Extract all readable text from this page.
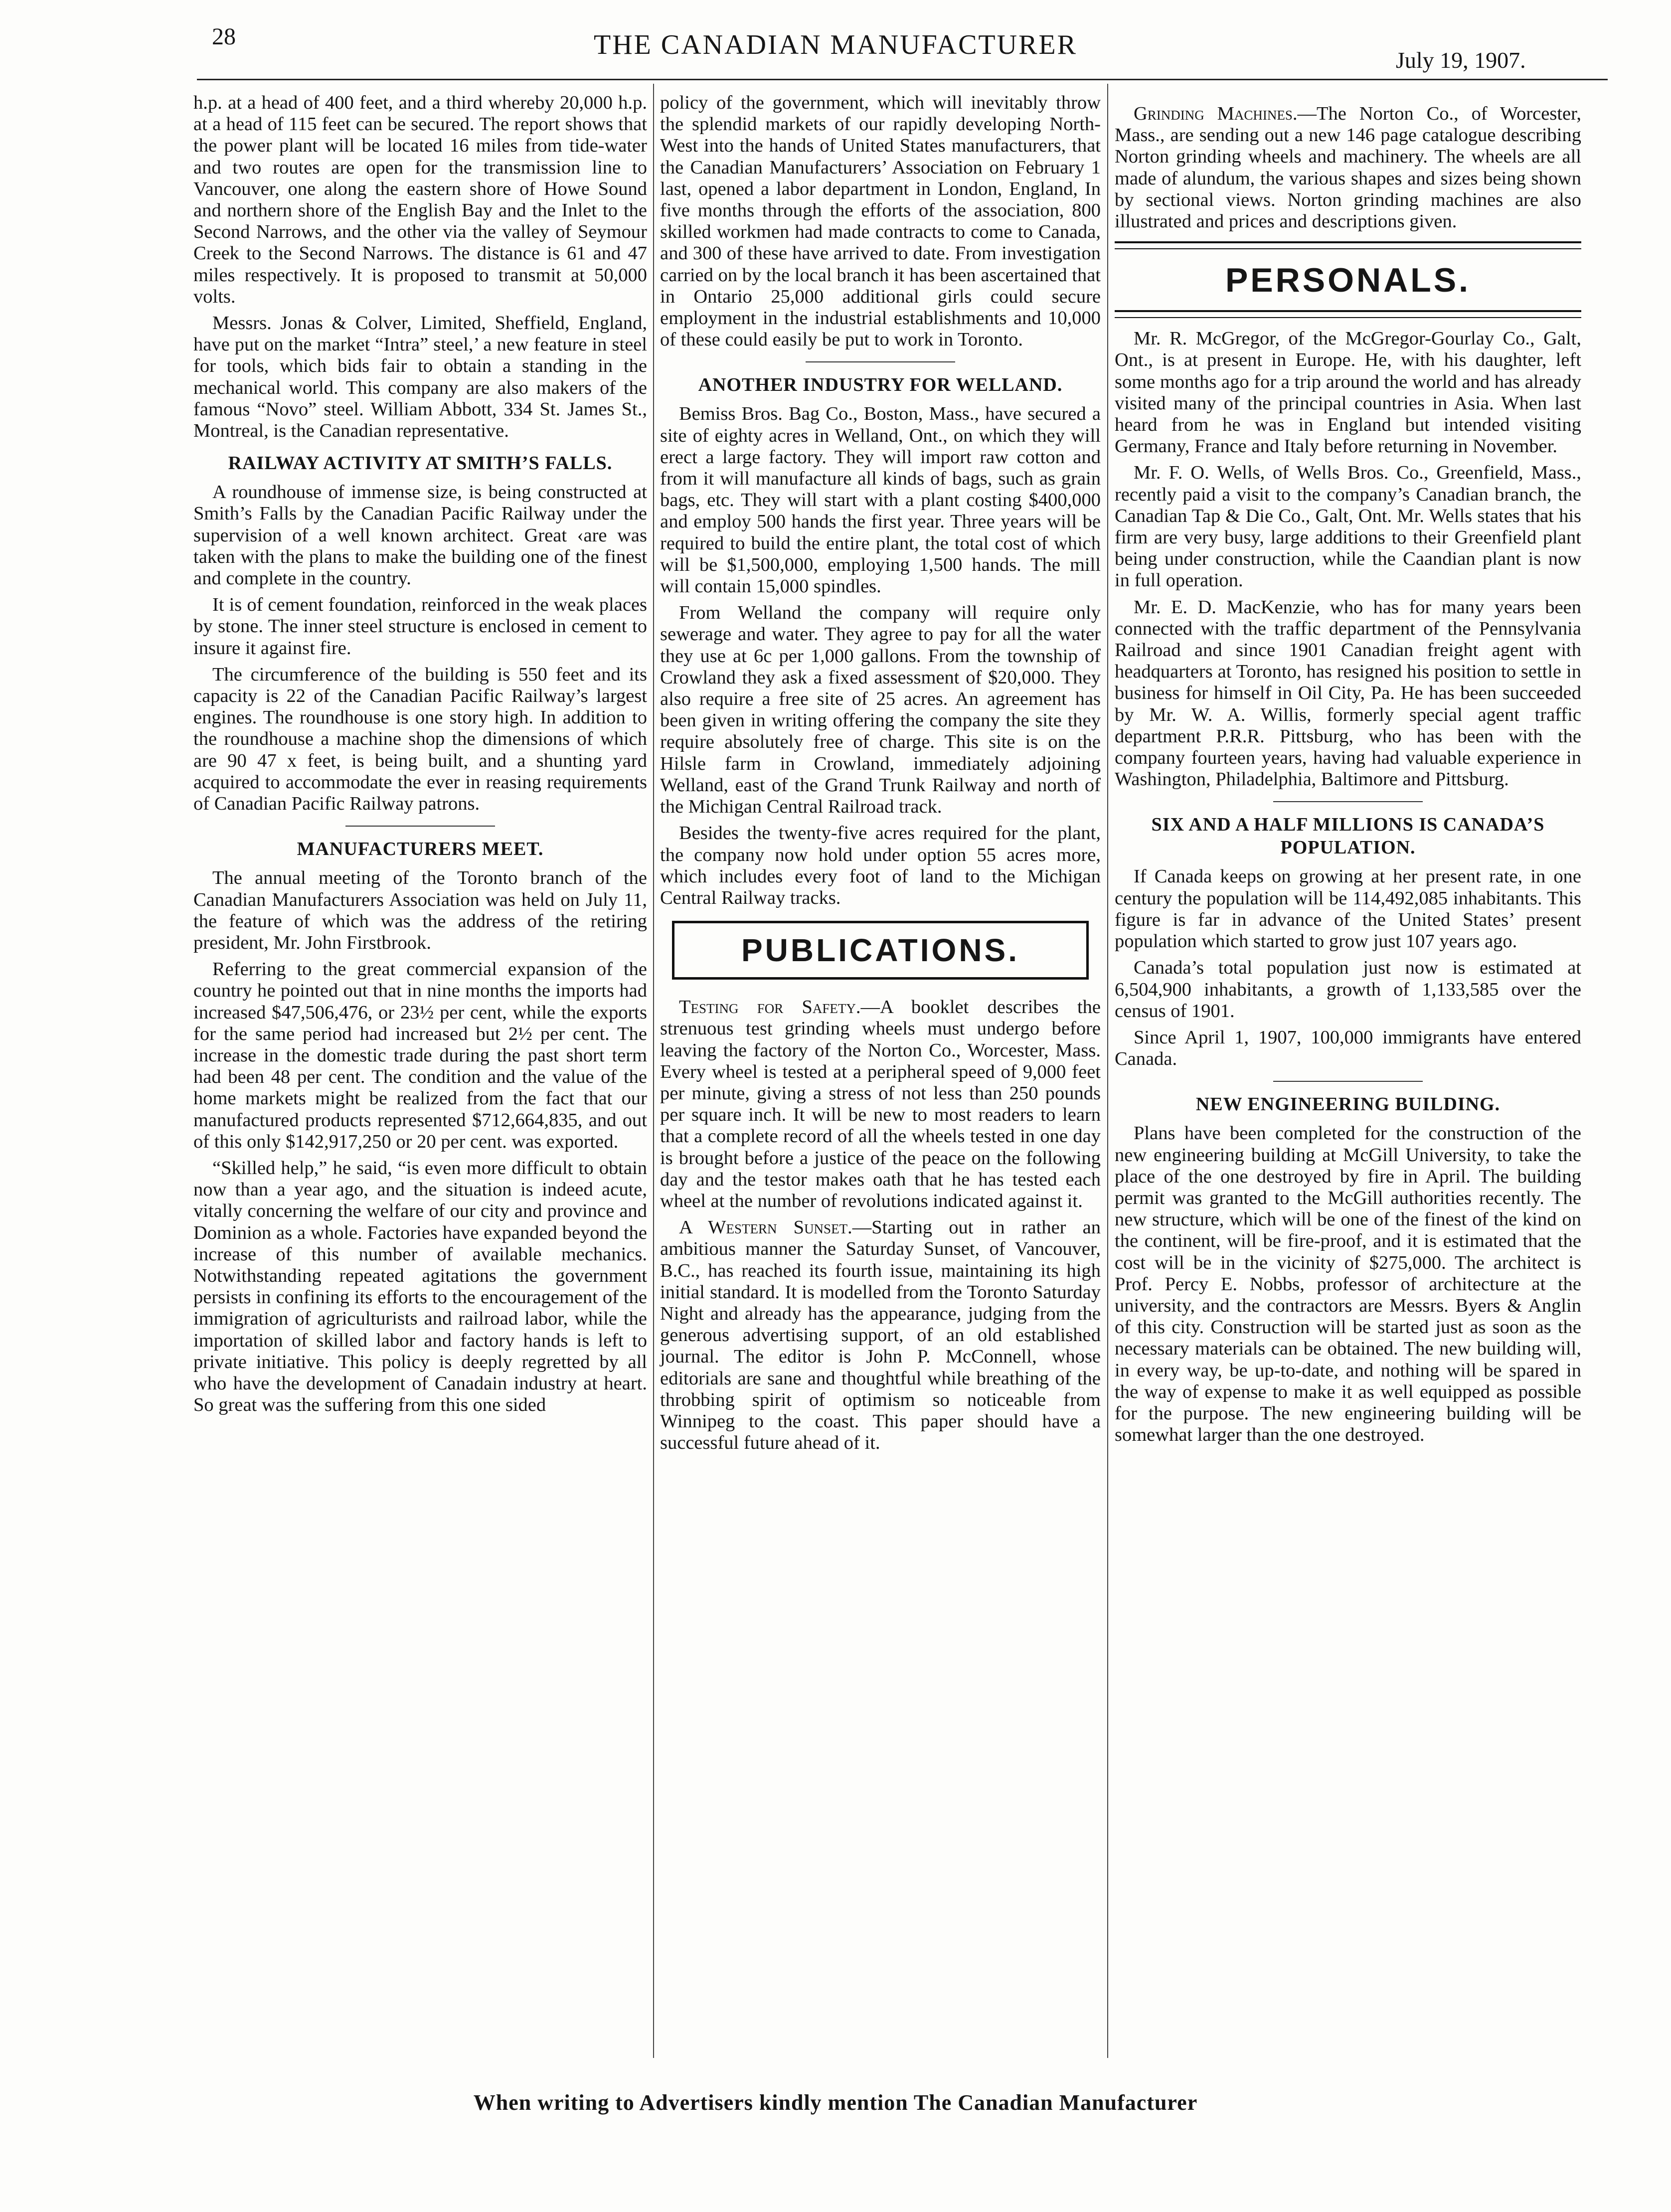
28	THE CANADIAN MANUFACTURER	July 19, 1907.

h.p. at a head of 400 feet, and a third whereby 20,000 h.p. at a head of 115 feet can be secured. The report shows that the power plant will be located 16 miles from tide-water and two routes are open for the transmission line to Vancouver, one along the eastern shore of Howe Sound and northern shore of the English Bay and the Inlet to the Second Narrows, and the other via the valley of Seymour Creek to the Second Narrows. The distance is 61 and 47 miles respectively. It is proposed to transmit at 50,000 volts.

Messrs. Jonas & Colver, Limited, Sheffield, England, have put on the market “Intra” steel,’ a new feature in steel for tools, which bids fair to obtain a standing in the mechanical world. This company are also makers of the famous “Novo” steel. William Abbott, 334 St. James St., Montreal, is the Canadian representative.

RAILWAY ACTIVITY AT SMITH’S FALLS.

A roundhouse of immense size, is being constructed at Smith’s Falls by the Canadian Pacific Railway under the supervision of a well known architect. Great ‹are was taken with the plans to make the building one of the finest and complete in the country.

It is of cement foundation, reinforced in the weak places by stone. The inner steel structure is enclosed in cement to insure it against fire.

The circumference of the building is 550 feet and its capacity is 22 of the Canadian Pacific Railway’s largest engines. The roundhouse is one story high. In addition to the roundhouse a machine shop the dimensions of which are 90 47 x feet, is being built, and a shunting yard acquired to accommodate the ever in reasing requirements of Canadian Pacific Railway patrons.

MANUFACTURERS MEET.

The annual meeting of the Toronto branch of the Canadian Manufacturers Association was held on July 11, the feature of which was the address of the retiring president, Mr. John Firstbrook.

Referring to the great commercial expansion of the country he pointed out that in nine months the imports had increased $47,506,476, or 23½ per cent, while the exports for the same period had increased but 2½ per cent. The increase in the domestic trade during the past short term had been 48 per cent. The condition and the value of the home markets might be realized from the fact that our manufactured products represented $712,664,835, and out of this only $142,917,250 or 20 per cent. was exported.

“Skilled help,” he said, “is even more difficult to obtain now than a year ago, and the situation is indeed acute, vitally concerning the welfare of our city and province and Dominion as a whole. Factories have expanded beyond the increase of this number of available mechanics. Notwithstanding repeated agitations the government persists in confining its efforts to the encouragement of the immigration of agriculturists and railroad labor, while the importation of skilled labor and factory hands is left to private initiative. This policy is deeply regretted by all who have the development of Canadain industry at heart. So great was the suffering from this one sided

policy of the government, which will inevitably throw the splendid markets of our rapidly developing North-West into the hands of United States manufacturers, that the Canadian Manufacturers’ Association on February 1 last, opened a labor department in London, England, In five months through the efforts of the association, 800 skilled workmen had made contracts to come to Canada, and 300 of these have arrived to date. From investigation carried on by the local branch it has been ascertained that in Ontario 25,000 additional girls could secure employment in the industrial establishments and 10,000 of these could easily be put to work in Toronto.

ANOTHER INDUSTRY FOR WELLAND.

Bemiss Bros. Bag Co., Boston, Mass., have secured a site of eighty acres in Welland, Ont., on which they will erect a large factory. They will import raw cotton and from it will manufacture all kinds of bags, such as grain bags, etc. They will start with a plant costing $400,000 and employ 500 hands the first year. Three years will be required to build the entire plant, the total cost of which will be $1,500,000, employing 1,500 hands. The mill will contain 15,000 spindles.

From Welland the company will require only sewerage and water. They agree to pay for all the water they use at 6c per 1,000 gallons. From the township of Crowland they ask a fixed assessment of $20,000. They also require a free site of 25 acres. An agreement has been given in writing offering the company the site they require absolutely free of charge. This site is on the Hilsle farm in Crowland, immediately adjoining Welland, east of the Grand Trunk Railway and north of the Michigan Central Railroad track.

Besides the twenty-five acres required for the plant, the company now hold under option 55 acres more, which includes every foot of land to the Michigan Central Railway tracks.

PUBLICATIONS.

Testing for Safety.—A booklet describes the strenuous test grinding wheels must undergo before leaving the factory of the Norton Co., Worcester, Mass. Every wheel is tested at a peripheral speed of 9,000 feet per minute, giving a stress of not less than 250 pounds per square inch. It will be new to most readers to learn that a complete record of all the wheels tested in one day is brought before a justice of the peace on the following day and the testor makes oath that he has tested each wheel at the number of revolutions indicated against it.

A Western Sunset.—Starting out in rather an ambitious manner the Saturday Sunset, of Vancouver, B.C., has reached its fourth issue, maintaining its high initial standard. It is modelled from the Toronto Saturday Night and already has the appearance, judging from the generous advertising support, of an old established journal. The editor is John P. McConnell, whose editorials are sane and thoughtful while breathing of the throbbing spirit of optimism so noticeable from Winnipeg to the coast. This paper should have a successful future ahead of it.

Grinding Machines.—The Norton Co., of Worcester, Mass., are sending out a new 146 page catalogue describing Norton grinding wheels and machinery. The wheels are all made of alundum, the various shapes and sizes being shown by sectional views. Norton grinding machines are also illustrated and prices and descriptions given.

PERSONALS.

Mr. R. McGregor, of the McGregor-Gourlay Co., Galt, Ont., is at present in Europe. He, with his daughter, left some months ago for a trip around the world and has already visited many of the principal countries in Asia. When last heard from he was in England but intended visiting Germany, France and Italy before returning in November.

Mr. F. O. Wells, of Wells Bros. Co., Greenfield, Mass., recently paid a visit to the company’s Canadian branch, the Canadian Tap & Die Co., Galt, Ont. Mr. Wells states that his firm are very busy, large additions to their Greenfield plant being under construction, while the Caandian plant is now in full operation.

Mr. E. D. MacKenzie, who has for many years been connected with the traffic department of the Pennsylvania Railroad and since 1901 Canadian freight agent with headquarters at Toronto, has resigned his position to settle in business for himself in Oil City, Pa. He has been succeeded by Mr. W. A. Willis, formerly special agent traffic department P.R.R. Pittsburg, who has been with the company fourteen years, having had valuable experience in Washington, Philadelphia, Baltimore and Pittsburg.

SIX AND A HALF MILLIONS IS CANADA’S POPULATION.

If Canada keeps on growing at her present rate, in one century the population will be 114,492,085 inhabitants. This figure is far in advance of the United States’ present population which started to grow just 107 years ago.

Canada’s total population just now is estimated at 6,504,900 inhabitants, a growth of 1,133,585 over the census of 1901.

Since April 1, 1907, 100,000 immigrants have entered Canada.

NEW ENGINEERING BUILDING.

Plans have been completed for the construction of the new engineering building at McGill University, to take the place of the one destroyed by fire in April. The building permit was granted to the McGill authorities recently. The new structure, which will be one of the finest of the kind on the continent, will be fire-proof, and it is estimated that the cost will be in the vicinity of $275,000. The architect is Prof. Percy E. Nobbs, professor of architecture at the university, and the contractors are Messrs. Byers & Anglin of this city. Construction will be started just as soon as the necessary materials can be obtained. The new building will, in every way, be up-to-date, and nothing will be spared in the way of expense to make it as well equipped as possible for the purpose. The new engineering building will be somewhat larger than the one destroyed.

When writing to Advertisers kindly mention The Canadian Manufacturer
